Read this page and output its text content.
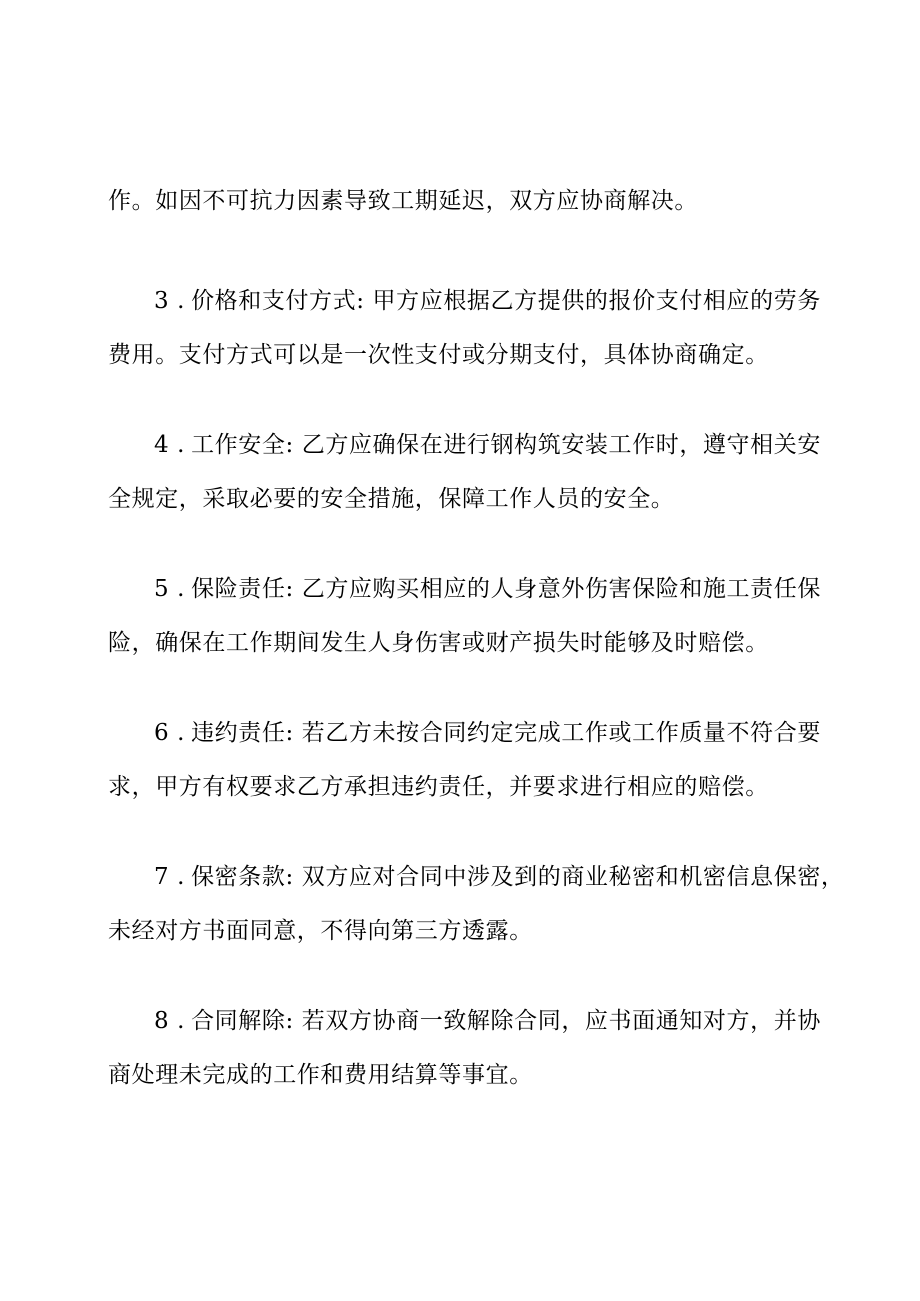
作。如因不可抗力因素导致工期延迟，双方应协商解决。
3 . 价格和支付方式: 甲方应根据乙方提供的报价支付相应的劳务
费用。支付方式可以是一次性支付或分期支付，具体协商确定。
4 . 工作安全: 乙方应确保在进行钢构筑安装工作时，遵守相关安
全规定，采取必要的安全措施，保障工作人员的安全。
5 . 保险责任: 乙方应购买相应的人身意外伤害保险和施工责任保
险，确保在工作期间发生人身伤害或财产损失时能够及时赔偿。
6 . 违约责任: 若乙方未按合同约定完成工作或工作质量不符合要
求，甲方有权要求乙方承担违约责任，并要求进行相应的赔偿。
7 . 保密条款: 双方应对合同中涉及到的商业秘密和机密信息保密，
未经对方书面同意，不得向第三方透露。
8 . 合同解除: 若双方协商一致解除合同，应书面通知对方，并协
商处理未完成的工作和费用结算等事宜。
